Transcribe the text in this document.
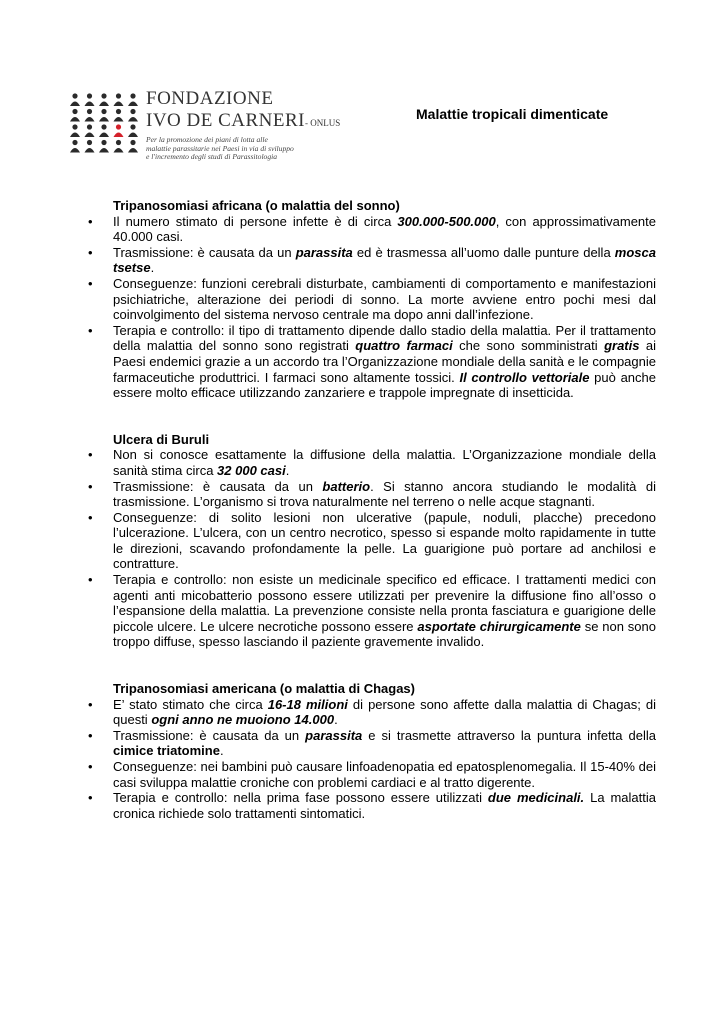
FONDAZIONE
IVO DE CARNERI- ONLUS
Per la promozione dei piani di lotta alle
malattie parassitarie nei Paesi in via di sviluppo
e l'incremento degli studi di Parassitologia
Malattie tropicali dimenticate
Tripanosomiasi africana (o malattia del sonno)
• Il numero stimato di persone infette è di circa 300.000-500.000, con approssimativamente 40.000 casi.
• Trasmissione: è causata da un parassita ed è trasmessa all’uomo dalle punture della mosca tsetse.
• Conseguenze: funzioni cerebrali disturbate, cambiamenti di comportamento e manifestazioni psichiatriche, alterazione dei periodi di sonno. La morte avviene entro pochi mesi dal coinvolgimento del sistema nervoso centrale ma dopo anni dall’infezione.
• Terapia e controllo: il tipo di trattamento dipende dallo stadio della malattia. Per il trattamento della malattia del sonno sono registrati quattro farmaci che sono somministrati gratis ai Paesi endemici grazie a un accordo tra l’Organizzazione mondiale della sanità e le compagnie farmaceutiche produttrici. I farmaci sono altamente tossici. Il controllo vettoriale può anche essere molto efficace utilizzando zanzariere e trappole impregnate di insetticida.
Ulcera di Buruli
• Non si conosce esattamente la diffusione della malattia. L’Organizzazione mondiale della sanità stima circa 32 000 casi.
• Trasmissione: è causata da un batterio. Si stanno ancora studiando le modalità di trasmissione. L’organismo si trova naturalmente nel terreno o nelle acque stagnanti.
• Conseguenze: di solito lesioni non ulcerative (papule, noduli, placche) precedono l’ulcerazione. L’ulcera, con un centro necrotico, spesso si espande molto rapidamente in tutte le direzioni, scavando profondamente la pelle. La guarigione può portare ad anchilosi e contratture.
• Terapia e controllo: non esiste un medicinale specifico ed efficace. I trattamenti medici con agenti anti micobatterio possono essere utilizzati per prevenire la diffusione fino all’osso o l’espansione della malattia. La prevenzione consiste nella pronta fasciatura e guarigione delle piccole ulcere. Le ulcere necrotiche possono essere asportate chirurgicamente se non sono troppo diffuse, spesso lasciando il paziente gravemente invalido.
Tripanosomiasi americana (o malattia di Chagas)
• E’ stato stimato che circa 16-18 milioni di persone sono affette dalla malattia di Chagas; di questi ogni anno ne muoiono 14.000.
• Trasmissione: è causata da un parassita e si trasmette attraverso la puntura infetta della cimice triatomine.
• Conseguenze: nei bambini può causare linfoadenopatia ed epatosplenomegalia. Il 15-40% dei casi sviluppa malattie croniche con problemi cardiaci e al tratto digerente.
• Terapia e controllo: nella prima fase possono essere utilizzati due medicinali. La malattia cronica richiede solo trattamenti sintomatici.
